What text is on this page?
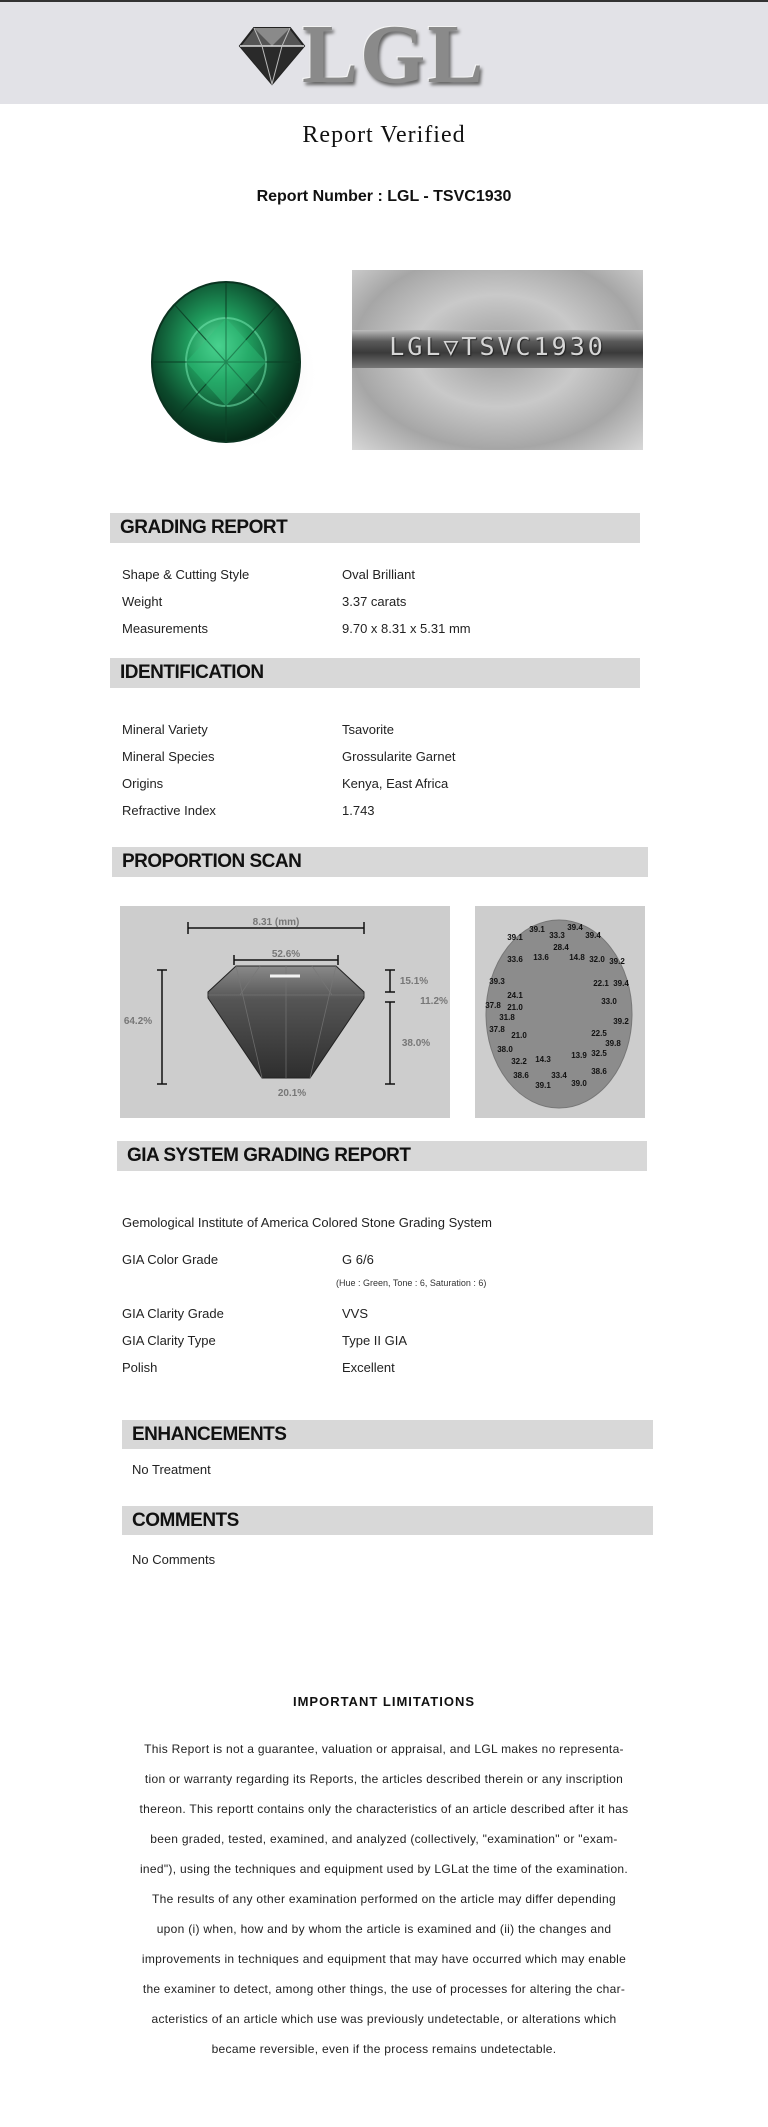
LGL
Report Verified
Report Number : LGL - TSVC1930
LGL▽TSVC1930
GRADING REPORT
Shape & Cutting Style	Oval Brilliant
Weight	3.37 carats
Measurements	9.70 x 8.31 x 5.31 mm
IDENTIFICATION
Mineral Variety	Tsavorite
Mineral Species	Grossularite Garnet
Origins	Kenya, East Africa
Refractive Index	1.743
PROPORTION SCAN
8.31 (mm)
52.6%
64.2%
15.1%
11.2%
38.0%
20.1%
39.1	39.4
39.1	33.3	39.4
28.4
33.6 13.6	14.8 32.0 39.2
39.3	22.1 39.4
24.1
37.8 21.0
33.0
31.8	39.2
37.8
21.0	22.5
38.0
39.8
32.2 14.3	13.9 32.5
38.6	33.4	38.6
39.1	39.0
GIA SYSTEM GRADING REPORT
Gemological Institute of America Colored Stone Grading System
GIA Color Grade	G 6/6
(Hue : Green, Tone : 6, Saturation : 6)
GIA Clarity Grade	VVS
GIA Clarity Type	Type II GIA
Polish	Excellent
ENHANCEMENTS
No Treatment
COMMENTS
No Comments
IMPORTANT LIMITATIONS
This Report is not a guarantee, valuation or appraisal, and LGL makes no representa-
tion or warranty regarding its Reports, the articles described therein or any inscription
thereon. This reportt contains only the characteristics of an article described after it has
been graded, tested, examined, and analyzed (collectively, "examination" or "exam-
ined"), using the techniques and equipment used by LGLat the time of the examination.
The results of any other examination performed on the article may differ depending
upon (i) when, how and by whom the article is examined and (ii) the changes and
improvements in techniques and equipment that may have occurred which may enable
the examiner to detect, among other things, the use of processes for altering the char-
acteristics of an article which use was previously undetectable, or alterations which
became reversible, even if the process remains undetectable.
